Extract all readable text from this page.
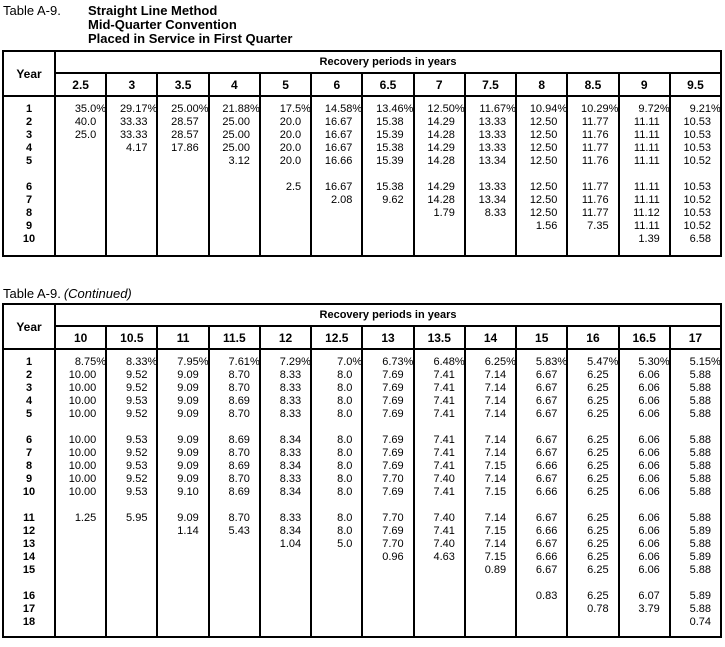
Table A-9.	Straight Line Method
Mid-Quarter Convention
Placed in Service in First Quarter
Year
1
2
3
4
5
6
7
8
9
10
Recovery periods in years
2.5
35.0%
40.0
25.0
3
29.17%
33.33
33.33
4.17
3.5
25.00%
28.57
28.57
17.86
4
21.88%
25.00
25.00
25.00
3.12
5
17.5%
20.0
20.0
20.0
20.0
2.5
6
14.58%
16.67
16.67
16.67
16.66
16.67
2.08
6.5
13.46%
15.38
15.39
15.38
15.39
15.38
9.62
7
12.50%
14.29
14.28
14.29
14.28
14.29
14.28
1.79
7.5
11.67%
13.33
13.33
13.33
13.34
13.33
13.34
8.33
8
10.94%
12.50
12.50
12.50
12.50
12.50
12.50
12.50
1.56
8.5
10.29%
11.77
11.76
11.77
11.76
11.77
11.76
11.77
7.35
9
9.72%
11.11
11.11
11.11
11.11
11.11
11.11
11.12
11.11
1.39
9.5
9.21%
10.53
10.53
10.53
10.52
10.53
10.52
10.53
10.52
6.58
Table A-9. (Continued)
Year
1
2
3
4
5
6
7
8
9
10
11
12
13
14
15
16
17
18
Recovery periods in years
10
8.75%
10.00
10.00
10.00
10.00
10.00
10.00
10.00
10.00
10.00
1.25
10.5
8.33%
9.52
9.52
9.53
9.52
9.53
9.52
9.53
9.52
9.53
5.95
11
7.95%
9.09
9.09
9.09
9.09
9.09
9.09
9.09
9.09
9.10
9.09
1.14
11.5
7.61%
8.70
8.70
8.69
8.70
8.69
8.70
8.69
8.70
8.69
8.70
5.43
12
7.29%
8.33
8.33
8.33
8.33
8.34
8.33
8.34
8.33
8.34
8.33
8.34
1.04
12.5
7.0%
8.0
8.0
8.0
8.0
8.0
8.0
8.0
8.0
8.0
8.0
8.0
5.0
13
6.73%
7.69
7.69
7.69
7.69
7.69
7.69
7.69
7.70
7.69
7.70
7.69
7.70
0.96
13.5
6.48%
7.41
7.41
7.41
7.41
7.41
7.41
7.41
7.40
7.41
7.40
7.41
7.40
4.63
14
6.25%
7.14
7.14
7.14
7.14
7.14
7.14
7.15
7.14
7.15
7.14
7.15
7.14
7.15
0.89
15
5.83%
6.67
6.67
6.67
6.67
6.67
6.67
6.66
6.67
6.66
6.67
6.66
6.67
6.66
6.67
0.83
16
5.47%
6.25
6.25
6.25
6.25
6.25
6.25
6.25
6.25
6.25
6.25
6.25
6.25
6.25
6.25
6.25
0.78
16.5
5.30%
6.06
6.06
6.06
6.06
6.06
6.06
6.06
6.06
6.06
6.06
6.06
6.06
6.06
6.06
6.07
3.79
17
5.15%
5.88
5.88
5.88
5.88
5.88
5.88
5.88
5.88
5.88
5.88
5.89
5.88
5.89
5.88
5.89
5.88
0.74
